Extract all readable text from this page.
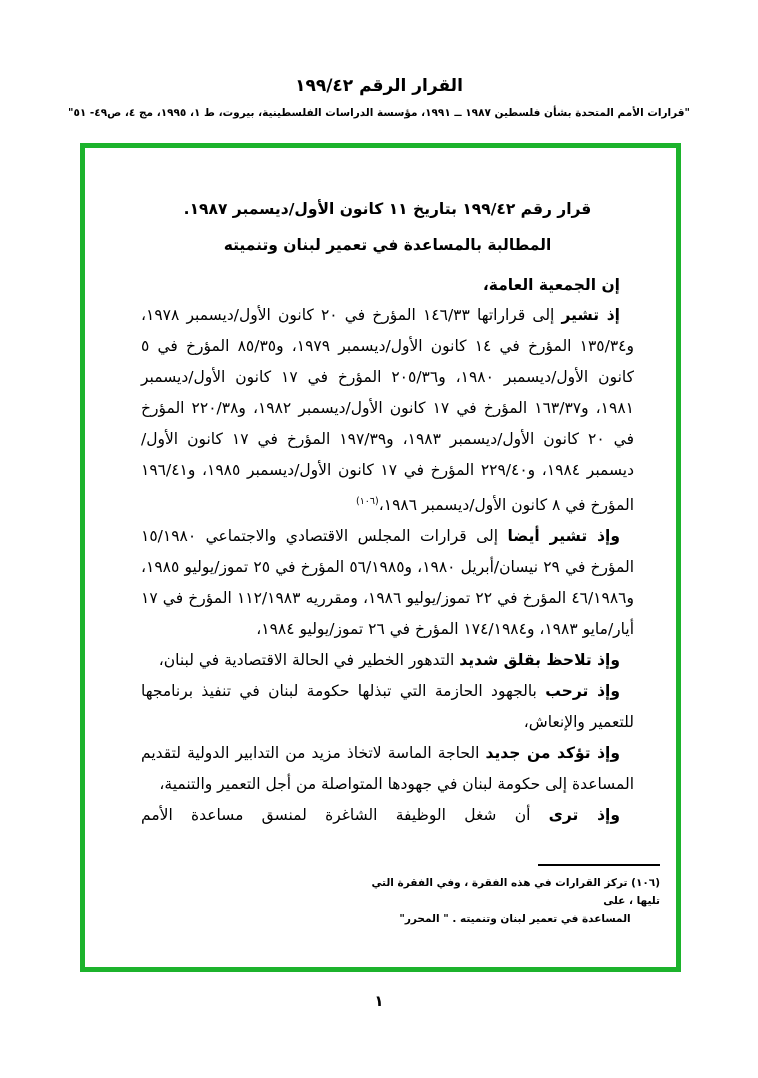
القرار الرقم ١٩٩/٤٢
"قرارات الأمم المتحدة بشأن فلسطين ١٩٨٧ ــ ١٩٩١، مؤسسة الدراسات الفلسطينية، بيروت، ط ١، ١٩٩٥، مج ٤، ص٤٩- ٥١"
قرار رقم ١٩٩/٤٢ بتاريخ ١١ كانون الأول/ديسمبر ١٩٨٧.
المطالبة بالمساعدة في تعمير لبنان وتنميته
إن الجمعية العامة،

إذ تشير إلى قراراتها ١٤٦/٣٣ المؤرخ في ٢٠ كانون الأول/ديسمبر ١٩٧٨، و١٣٥/٣٤ المؤرخ في ١٤ كانون الأول/ديسمبر ١٩٧٩، و٨٥/٣٥ المؤرخ في ٥ كانون الأول/ديسمبر ١٩٨٠، و٢٠٥/٣٦ المؤرخ في ١٧ كانون الأول/ديسمبر ١٩٨١، و١٦٣/٣٧ المؤرخ في ١٧ كانون الأول/ديسمبر ١٩٨٢، و٢٢٠/٣٨ المؤرخ في ٢٠ كانون الأول/ديسمبر ١٩٨٣، و١٩٧/٣٩ المؤرخ في ١٧ كانون الأول/ديسمبر ١٩٨٤، و٢٢٩/٤٠ المؤرخ في ١٧ كانون الأول/ديسمبر ١٩٨٥، و١٩٦/٤١ المؤرخ في ٨ كانون الأول/ديسمبر ١٩٨٦،$^{(١٠٦)}$

وإذ تشير أيضا إلى قرارات المجلس الاقتصادي والاجتماعي ١٥/١٩٨٠ المؤرخ في ٢٩ نيسان/أبريل ١٩٨٠، و٥٦/١٩٨٥ المؤرخ في ٢٥ تموز/يوليو ١٩٨٥، و٤٦/١٩٨٦ المؤرخ في ٢٢ تموز/يوليو ١٩٨٦، ومقرريه ١١٢/١٩٨٣ المؤرخ في ١٧ أيار/مايو ١٩٨٣، و١٧٤/١٩٨٤ المؤرخ في ٢٦ تموز/يوليو ١٩٨٤،

وإذ تلاحظ بقلق شديد التدهور الخطير في الحالة الاقتصادية في لبنان،

وإذ ترحب بالجهود الحازمة التي تبذلها حكومة لبنان في تنفيذ برنامجها للتعمير والإنعاش،

وإذ تؤكد من جديد الحاجة الماسة لاتخاذ مزيد من التدابير الدولية لتقديم المساعدة إلى حكومة لبنان في جهودها المتواصلة من أجل التعمير والتنمية،

وإذ ترى أن شغل الوظيفة الشاغرة لمنسق مساعدة الأمم

(١٠٦) تركز القرارات في هذه الفقرة ، وفي الفقرة التي تليها ، على
المساعدة في تعمير لبنان وتنميته . " المحرر"
١
